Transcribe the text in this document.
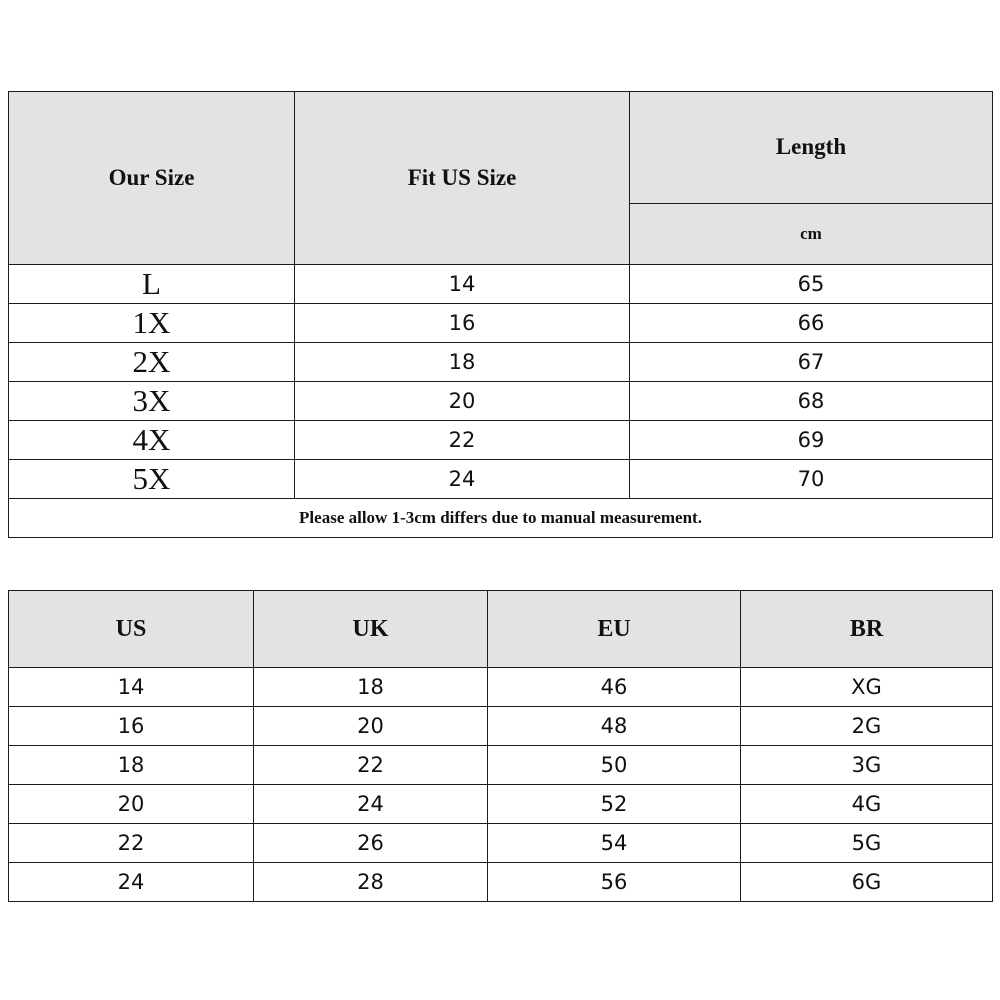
Our Size	Fit US Size	Length
		cm
L	14	65
1X	16	66
2X	18	67
3X	20	68
4X	22	69
5X	24	70
Please allow 1-3cm differs due to manual measurement.		
US	UK	EU	BR
14	18	46	XG
16	20	48	2G
18	22	50	3G
20	24	52	4G
22	26	54	5G
24	28	56	6G
